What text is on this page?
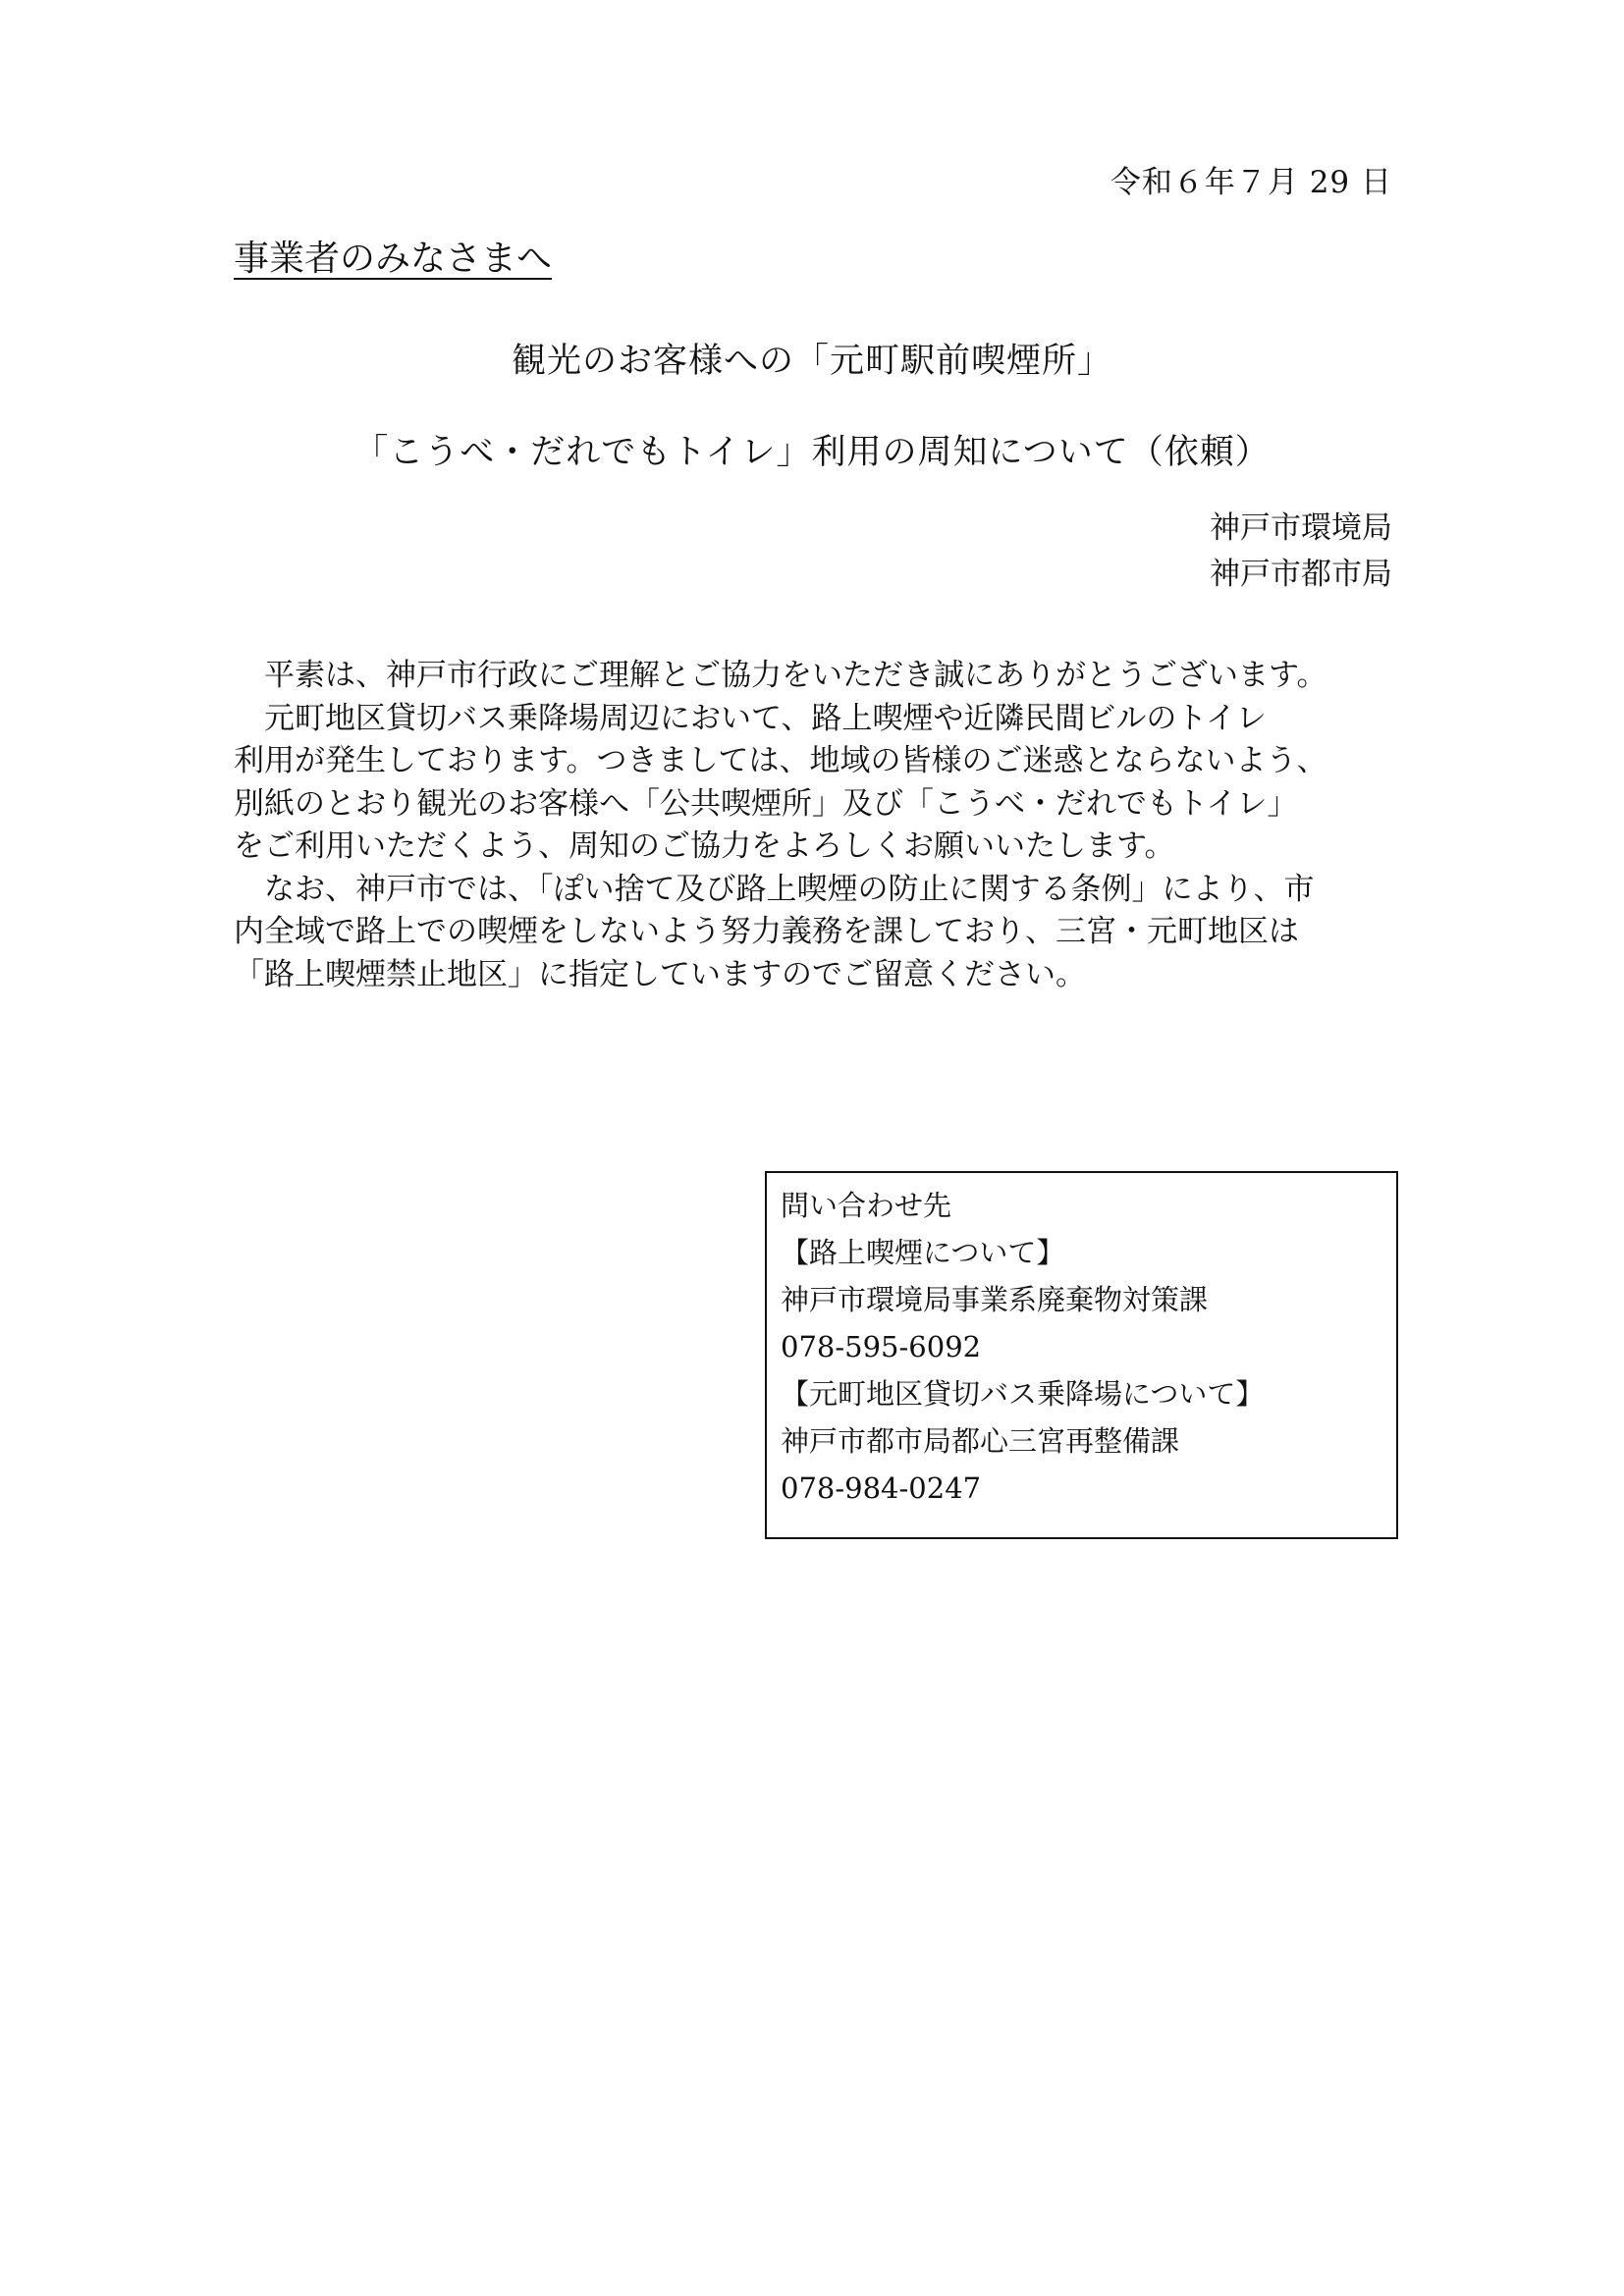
令和６年７月 29 日
事業者のみなさまへ
観光のお客様への「元町駅前喫煙所」
「こうべ・だれでもトイレ」利用の周知について（依頼）
神戸市環境局
神戸市都市局
　平素は、神戸市行政にご理解とご協力をいただき誠にありがとうございます。
　元町地区貸切バス乗降場周辺において、路上喫煙や近隣民間ビルのトイレ
利用が発生しております。つきましては、地域の皆様のご迷惑とならないよう、
別紙のとおり観光のお客様へ「公共喫煙所」及び「こうべ・だれでもトイレ」
をご利用いただくよう、周知のご協力をよろしくお願いいたします。
　なお、神戸市では、「ぽい捨て及び路上喫煙の防止に関する条例」により、市
内全域で路上での喫煙をしないよう努力義務を課しており、三宮・元町地区は
「路上喫煙禁止地区」に指定していますのでご留意ください。
問い合わせ先
【路上喫煙について】
神戸市環境局事業系廃棄物対策課
078-595-6092
【元町地区貸切バス乗降場について】
神戸市都市局都心三宮再整備課
078-984-0247
